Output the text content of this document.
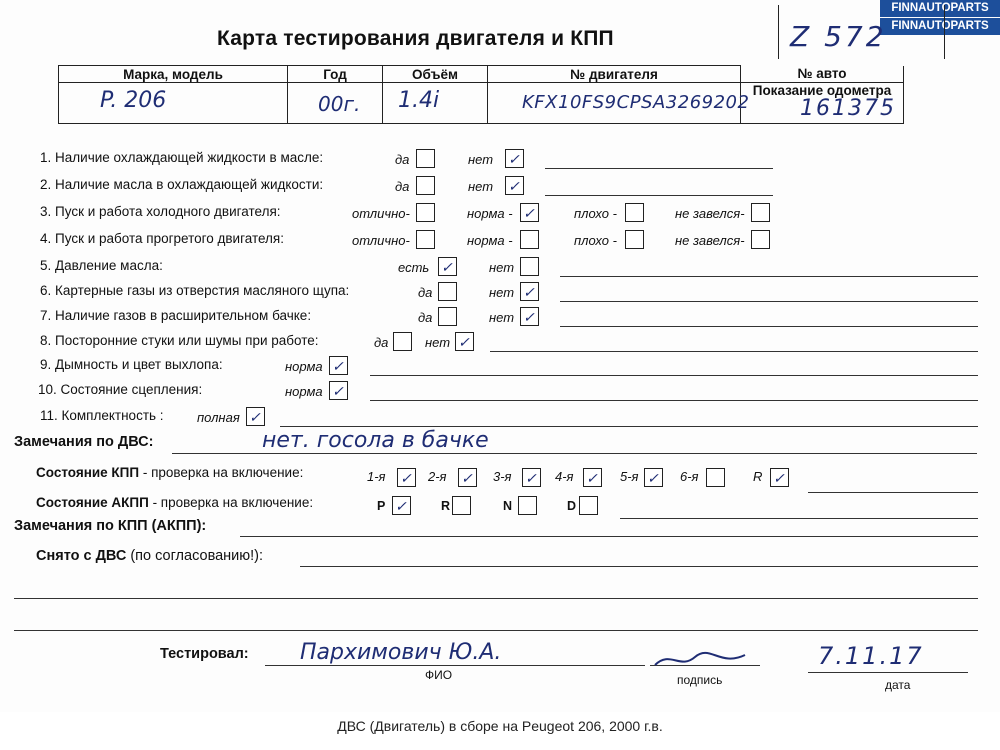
FINNAUTOPARTS
FINNAUTOPARTS
Карта тестирования двигателя и КПП	Z 572
Марка, модель	Год	Объём	№ двигателя	№ авто
				Показание одометра
P. 206	00г. 1.4i	KFX10FS9CPSA3269202 161375
1. Наличие охлаждающей жидкости в масле:	да	нет ✓
2. Наличие масла в охлаждающей жидкости:	да	нет ✓
3. Пуск и работа холодного двигателя:	отлично-	норма - ✓	плохо -	не завелся-
4. Пуск и работа прогретого двигателя:	отлично-	норма -	плохо -	не завелся-
5. Давление масла:	есть ✓	нет
6. Картерные газы из отверстия масляного щупа:	да	нет ✓
7. Наличие газов в расширительном бачке:	да	нет ✓
8. Посторонние стуки или шумы при работе:	да	нет ✓
9. Дымность и цвет выхлопа:	норма ✓
10. Состояние сцепления:	норма ✓
11. Комплектность :	полная ✓
Замечания по ДВС:	нет. госола в бачке
Состояние КПП - проверка на включение:	1-я ✓ 2-я ✓ 3-я ✓ 4-я ✓ 5-я ✓ 6-я	R ✓
Состояние АКПП - проверка на включение:	P ✓	R	N	D
Замечания по КПП (АКПП):
Снято с ДВС (по согласованию!):
Тестировал: Пархимович Ю.А.	7.11.17
ФИО	подпись	дата
ДВС (Двигатель) в сборе на Peugeot 206, 2000 г.в.
